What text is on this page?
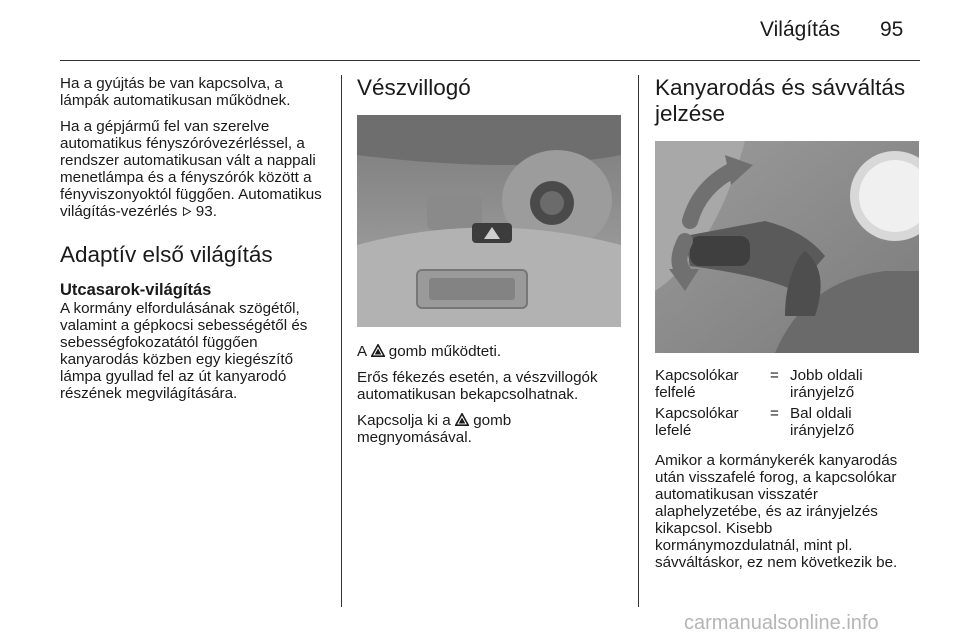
Világítás 95

Ha a gyújtás be van kapcsolva, a lámpák automatikusan működnek.

Ha a gépjármű fel van szerelve automatikus fényszóróvezérléssel, a rendszer automatikusan vált a nappali menetlámpa és a fényszórók között a fényviszonyoktól függően. Automatikus világítás-vezérlés 93.

Adaptív első világítás
Utcasarok-világítás

A kormány elfordulásának szögétől, valamint a gépkocsi sebességétől és sebességfokozatától függően kanyarodás közben egy kiegészítő lámpa gyullad fel az út kanyarodó részének megvilágítására.

Vészvillogó

A gomb működteti.

Erős fékezés esetén, a vészvillogók automatikusan bekapcsolhatnak.

Kapcsolja ki a gomb megnyomásával.

Kanyarodás és sávváltás jelzése
Kapcsolókar felfelé
= Jobb oldali irányjelző
Kapcsolókar lefelé
= Bal oldali irányjelző

Amikor a kormánykerék kanyarodás után visszafelé forog, a kapcsolókar automatikusan visszatér alaphelyzetébe, és az irányjelzés kikapcsol. Kisebb kormánymozdulatnál, mint pl. sávváltáskor, ez nem következik be.

carmanualsonline.info
